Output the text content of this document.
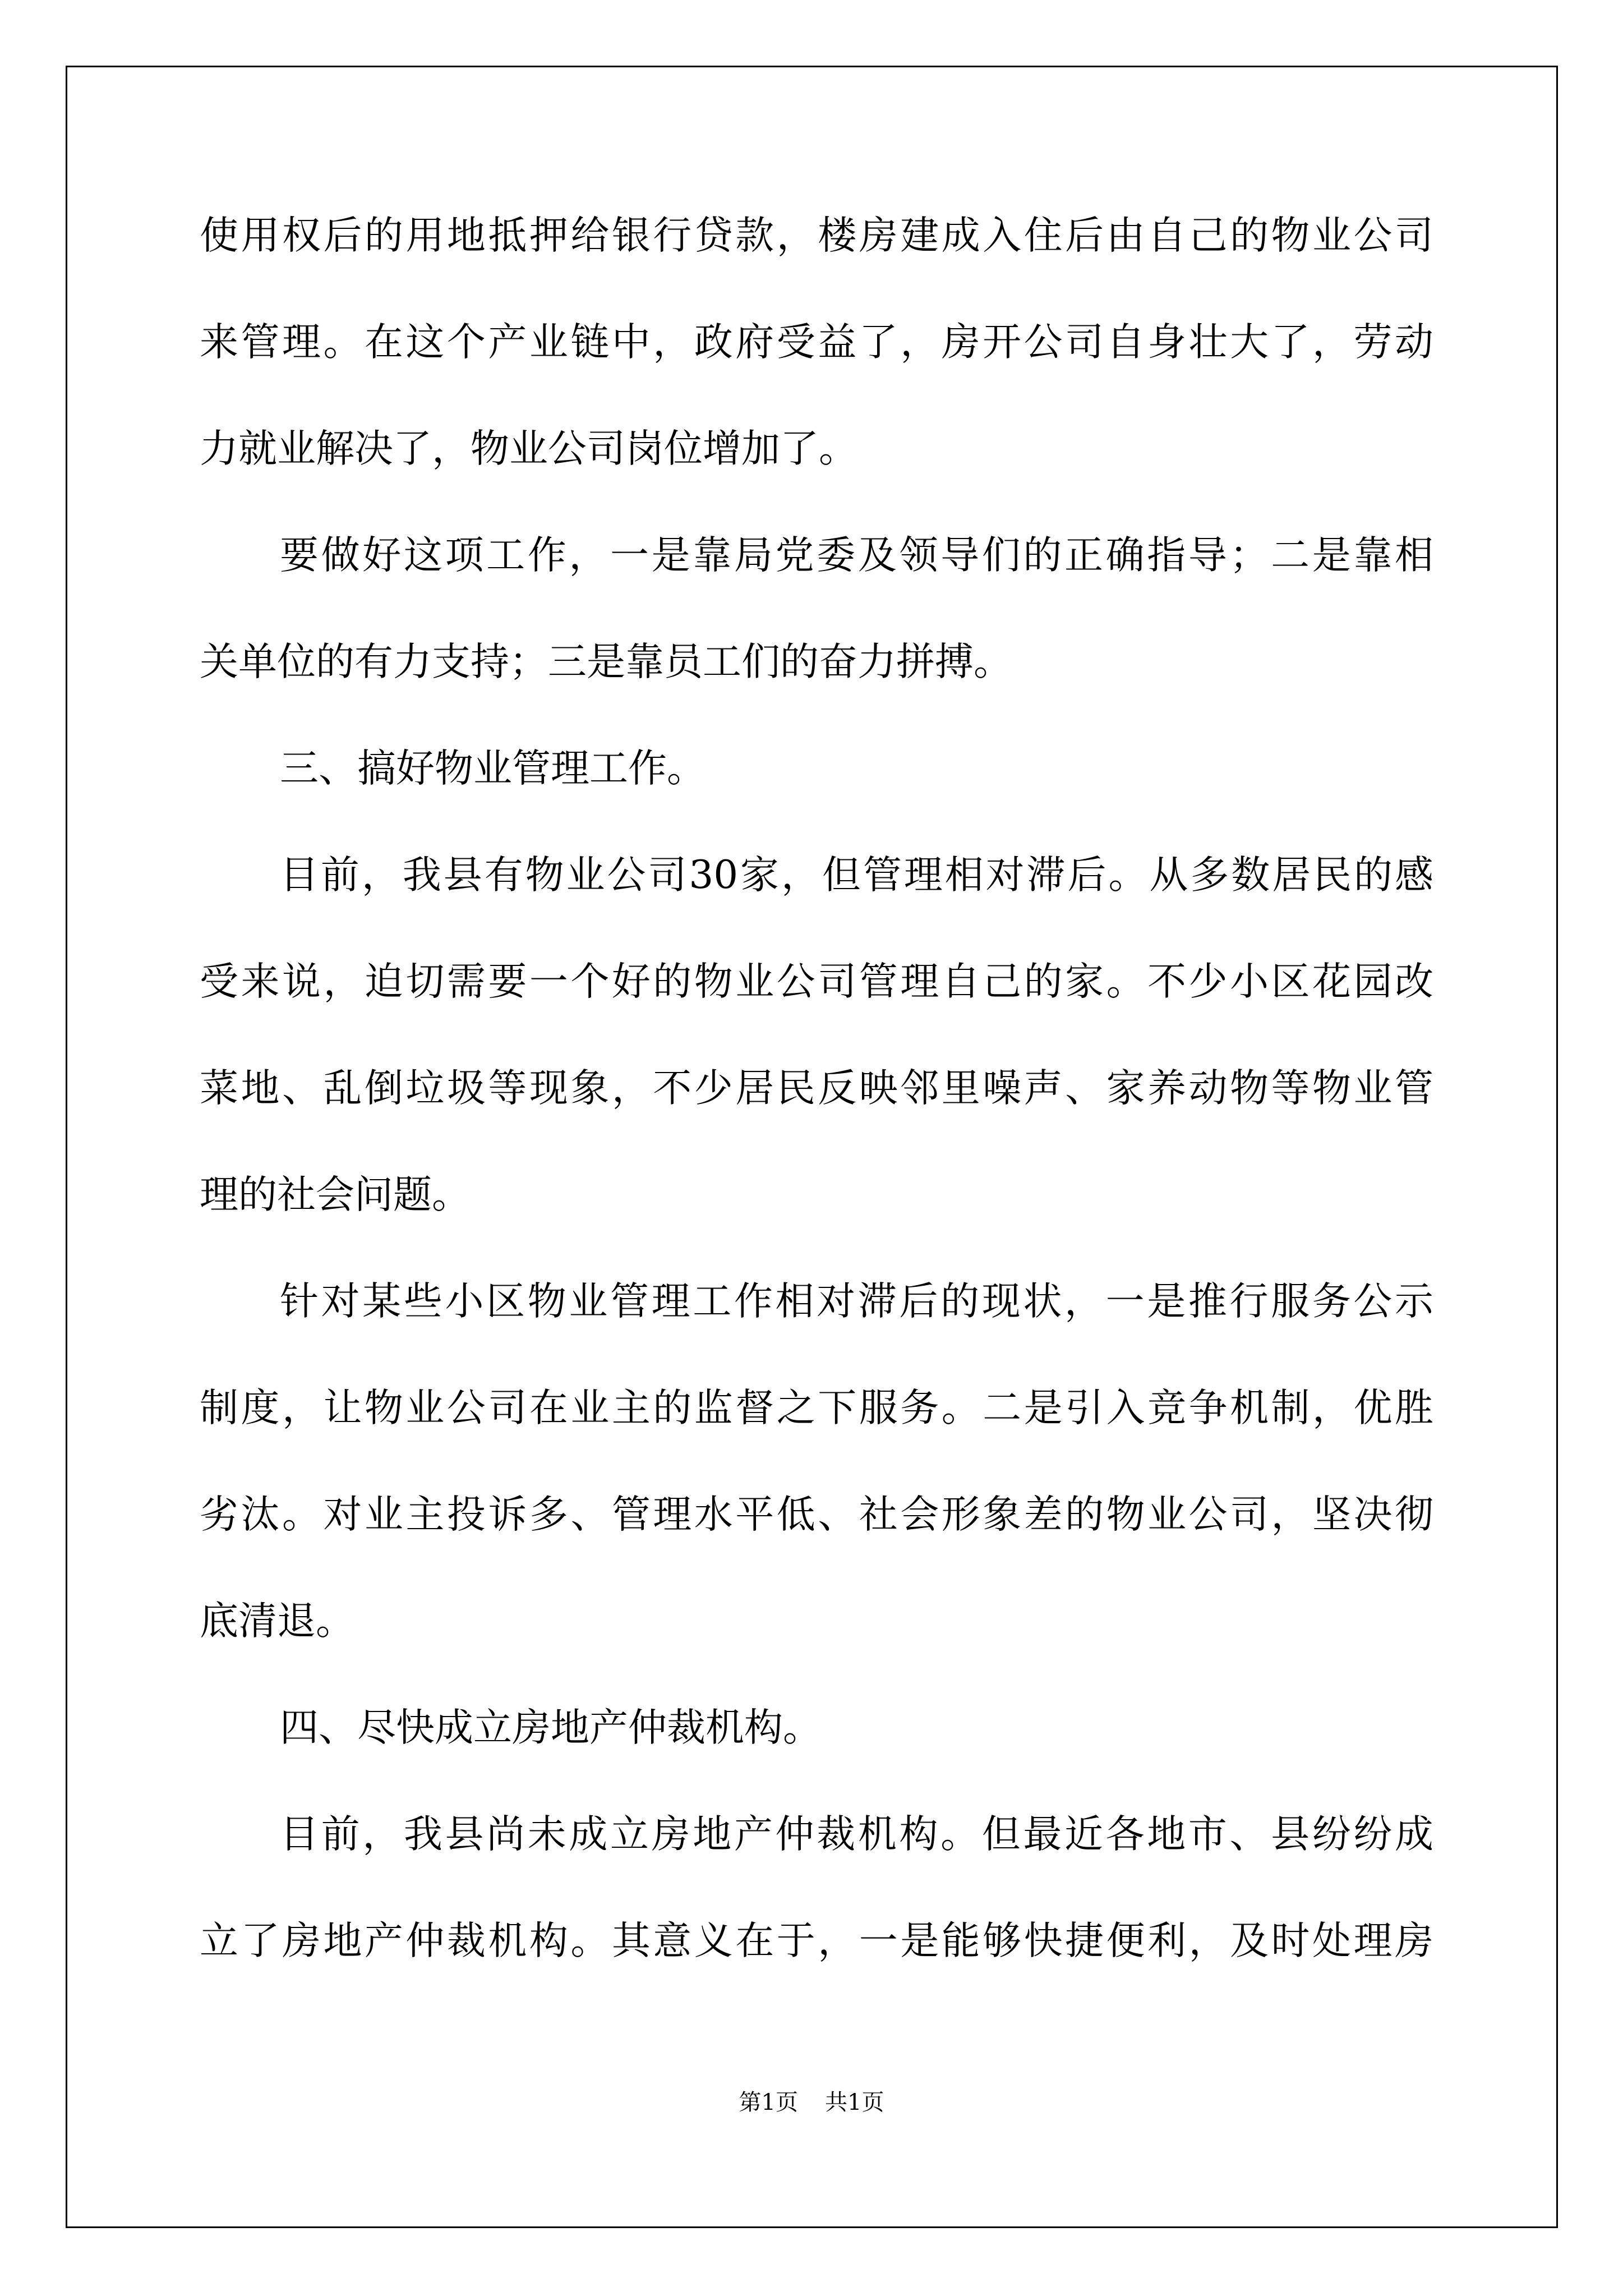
使用权后的用地抵押给银行贷款，楼房建成入住后由自己的物业公司
来管理。在这个产业链中，政府受益了，房开公司自身壮大了，劳动
力就业解决了，物业公司岗位增加了。
要做好这项工作，一是靠局党委及领导们的正确指导；二是靠相
关单位的有力支持；三是靠员工们的奋力拼搏。
三、搞好物业管理工作。
目前，我县有物业公司30家，但管理相对滞后。从多数居民的感
受来说，迫切需要一个好的物业公司管理自己的家。不少小区花园改
菜地、乱倒垃圾等现象，不少居民反映邻里噪声、家养动物等物业管
理的社会问题。
针对某些小区物业管理工作相对滞后的现状，一是推行服务公示
制度，让物业公司在业主的监督之下服务。二是引入竞争机制，优胜
劣汰。对业主投诉多、管理水平低、社会形象差的物业公司，坚决彻
底清退。
四、尽快成立房地产仲裁机构。
目前，我县尚未成立房地产仲裁机构。但最近各地市、县纷纷成
立了房地产仲裁机构。其意义在于，一是能够快捷便利，及时处理房
第1页 共1页
